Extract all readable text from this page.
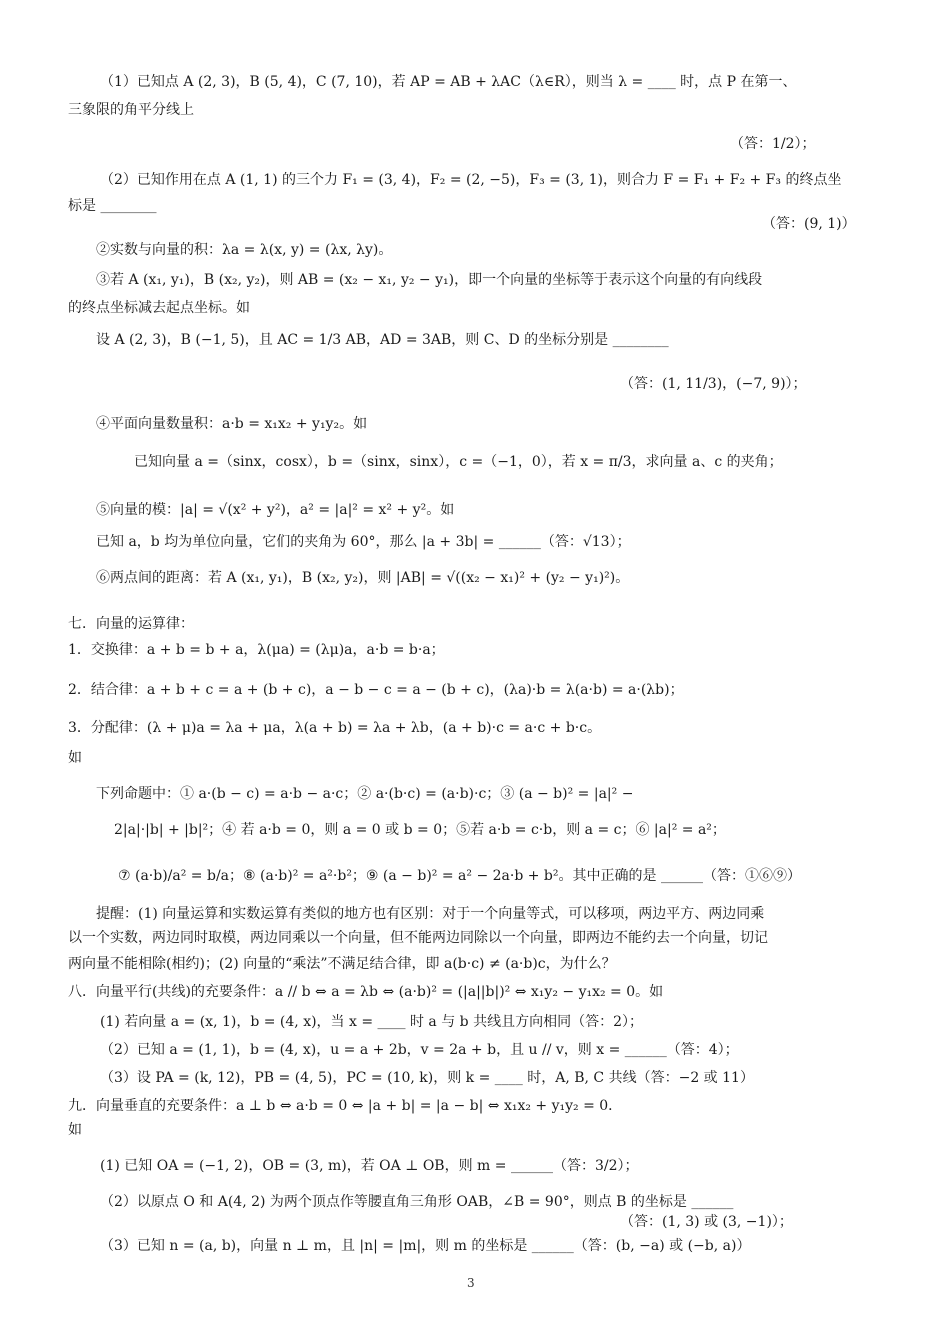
（1）已知点 A (2, 3)，B (5, 4)，C (7, 10)，若 AP = AB + λAC（λ∈R），则当 λ = ____ 时，点 P 在第一、
三象限的角平分线上
（答：1/2）；
（2）已知作用在点 A (1, 1) 的三个力 F₁ = (3, 4)，F₂ = (2, −5)，F₃ = (3, 1)，则合力 F = F₁ + F₂ + F₃ 的终点坐
标是 ________
（答：(9, 1)）
②实数与向量的积：λa = λ(x, y) = (λx, λy)。
③若 A (x₁, y₁)，B (x₂, y₂)，则 AB = (x₂ − x₁, y₂ − y₁)，即一个向量的坐标等于表示这个向量的有向线段
的终点坐标减去起点坐标。如
设 A (2, 3)，B (−1, 5)，且 AC = 1/3 AB，AD = 3AB，则 C、D 的坐标分别是 ________
（答：(1, 11/3)，(−7, 9)）；
④平面向量数量积：a·b = x₁x₂ + y₁y₂。如
已知向量 a =（sinx，cosx），b =（sinx，sinx），c =（−1，0），若 x = π/3，求向量 a、c 的夹角；
⑤向量的模：|a| = √(x² + y²)，a² = |a|² = x² + y²。如
已知 a，b 均为单位向量，它们的夹角为 60°，那么 |a + 3b| = ______（答：√13）；
⑥两点间的距离：若 A (x₁, y₁)，B (x₂, y₂)，则 |AB| = √((x₂ − x₁)² + (y₂ − y₁)²)。
七．向量的运算律：
1．交换律：a + b = b + a，λ(μa) = (λμ)a，a·b = b·a；
2．结合律：a + b + c = a + (b + c)，a − b − c = a − (b + c)，(λa)·b = λ(a·b) = a·(λb)；
3．分配律：(λ + μ)a = λa + μa，λ(a + b) = λa + λb，(a + b)·c = a·c + b·c。
如
下列命题中：① a·(b − c) = a·b − a·c；② a·(b·c) = (a·b)·c；③ (a − b)² = |a|² −
2|a|·|b| + |b|²；④ 若 a·b = 0，则 a = 0 或 b = 0；⑤若 a·b = c·b，则 a = c；⑥ |a|² = a²；
⑦ (a·b)/a² = b/a；⑧ (a·b)² = a²·b²；⑨ (a − b)² = a² − 2a·b + b²。其中正确的是 ______（答：①⑥⑨）
提醒：(1) 向量运算和实数运算有类似的地方也有区别：对于一个向量等式，可以移项，两边平方、两边同乘
以一个实数，两边同时取模，两边同乘以一个向量，但不能两边同除以一个向量，即两边不能约去一个向量，切记
两向量不能相除(相约)；(2) 向量的“乘法”不满足结合律，即 a(b·c) ≠ (a·b)c，为什么？
八．向量平行(共线)的充要条件：a // b ⇔ a = λb ⇔ (a·b)² = (|a||b|)² ⇔ x₁y₂ − y₁x₂ = 0。如
(1) 若向量 a = (x, 1)，b = (4, x)，当 x = ____ 时 a 与 b 共线且方向相同（答：2）；
（2）已知 a = (1, 1)，b = (4, x)，u = a + 2b，v = 2a + b，且 u // v，则 x = ______（答：4）；
（3）设 PA = (k, 12)，PB = (4, 5)，PC = (10, k)，则 k = ____ 时，A, B, C 共线（答：−2 或 11）
九．向量垂直的充要条件：a ⊥ b ⇔ a·b = 0 ⇔ |a + b| = |a − b| ⇔ x₁x₂ + y₁y₂ = 0．
如
(1) 已知 OA = (−1, 2)，OB = (3, m)，若 OA ⊥ OB，则 m = ______（答：3/2）；
（2）以原点 O 和 A(4, 2) 为两个顶点作等腰直角三角形 OAB，∠B = 90°，则点 B 的坐标是 ______
（答：(1, 3) 或 (3, −1)）；
（3）已知 n = (a, b)，向量 n ⊥ m，且 |n| = |m|，则 m 的坐标是 ______（答：(b, −a) 或 (−b, a)）
3
